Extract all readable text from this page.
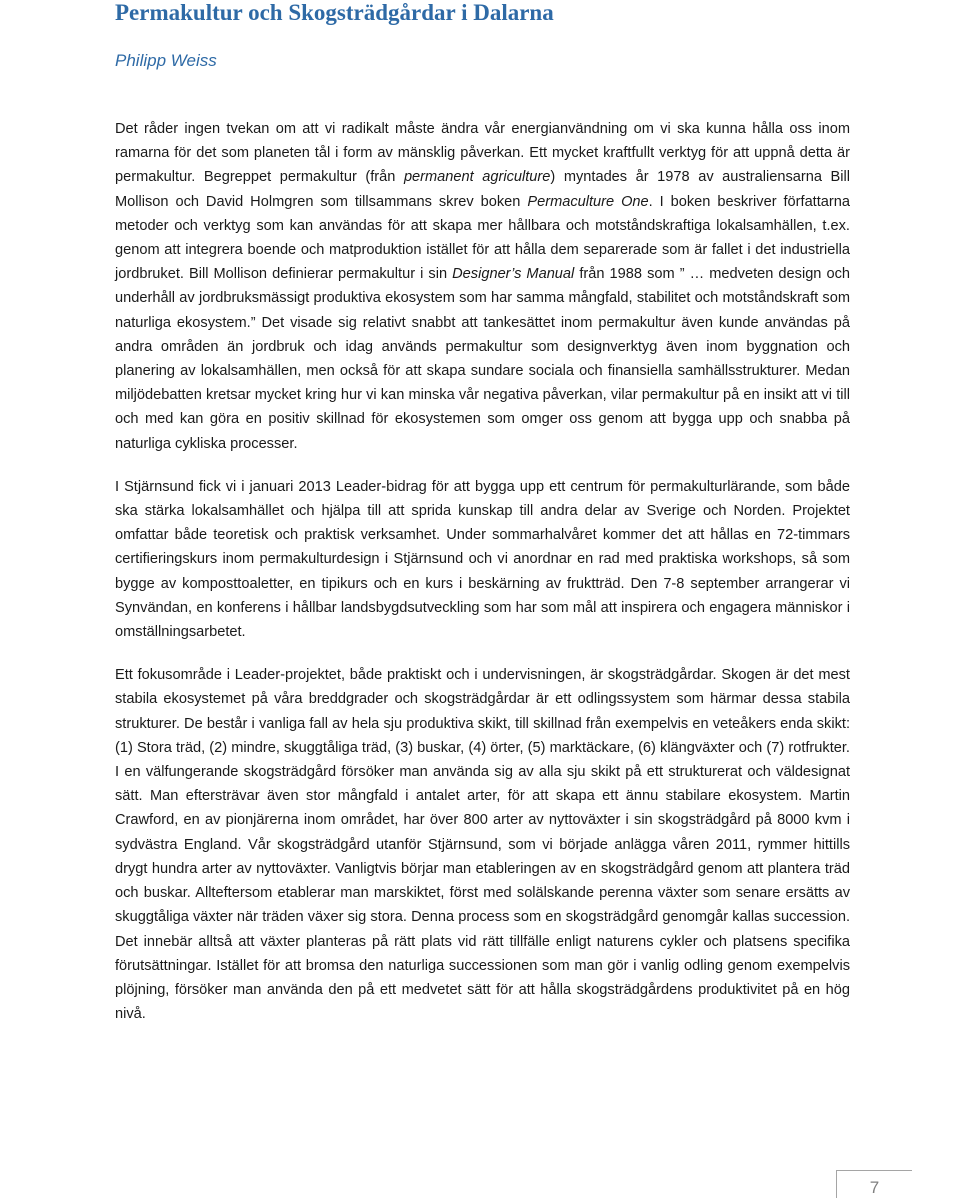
Permakultur och Skogsträdgårdar i Dalarna
Philipp Weiss

Det råder ingen tvekan om att vi radikalt måste ändra vår energianvändning om vi ska kunna hålla oss inom ramarna för det som planeten tål i form av mänsklig påverkan. Ett mycket kraftfullt verktyg för att uppnå detta är permakultur. Begreppet permakultur (från permanent agriculture) myntades år 1978 av australiensarna Bill Mollison och David Holmgren som tillsammans skrev boken Permaculture One. I boken beskriver författarna metoder och verktyg som kan användas för att skapa mer hållbara och motståndskraftiga lokalsamhällen, t.ex. genom att integrera boende och matproduktion istället för att hålla dem separerade som är fallet i det industriella jordbruket. Bill Mollison definierar permakultur i sin Designer’s Manual från 1988 som ” … medveten design och underhåll av jordbruksmässigt produktiva ekosystem som har samma mångfald, stabilitet och motståndskraft som naturliga ekosystem.” Det visade sig relativt snabbt att tankesättet inom permakultur även kunde användas på andra områden än jordbruk och idag används permakultur som designverktyg även inom byggnation och planering av lokalsamhällen, men också för att skapa sundare sociala och finansiella samhällsstrukturer. Medan miljödebatten kretsar mycket kring hur vi kan minska vår negativa påverkan, vilar permakultur på en insikt att vi till och med kan göra en positiv skillnad för ekosystemen som omger oss genom att bygga upp och snabba på naturliga cykliska processer.

I Stjärnsund fick vi i januari 2013 Leader-bidrag för att bygga upp ett centrum för permakulturlärande, som både ska stärka lokalsamhället och hjälpa till att sprida kunskap till andra delar av Sverige och Norden. Projektet omfattar både teoretisk och praktisk verksamhet. Under sommarhalvåret kommer det att hållas en 72-timmars certifieringskurs inom permakulturdesign i Stjärnsund och vi anordnar en rad med praktiska workshops, så som bygge av komposttoaletter, en tipikurs och en kurs i beskärning av fruktträd. Den 7-8 september arrangerar vi Synvändan, en konferens i hållbar landsbygdsutveckling som har som mål att inspirera och engagera människor i omställningsarbetet.

Ett fokusområde i Leader-projektet, både praktiskt och i undervisningen, är skogsträdgårdar. Skogen är det mest stabila ekosystemet på våra breddgrader och skogsträdgårdar är ett odlingssystem som härmar dessa stabila strukturer. De består i vanliga fall av hela sju produktiva skikt, till skillnad från exempelvis en veteåkers enda skikt: (1) Stora träd, (2) mindre, skuggtåliga träd, (3) buskar, (4) örter, (5) marktäckare, (6) klängväxter och (7) rotfrukter. I en välfungerande skogsträdgård försöker man använda sig av alla sju skikt på ett strukturerat och väldesignat sätt. Man eftersträvar även stor mångfald i antalet arter, för att skapa ett ännu stabilare ekosystem. Martin Crawford, en av pionjärerna inom området, har över 800 arter av nyttoväxter i sin skogsträdgård på 8000 kvm i sydvästra England. Vår skogsträdgård utanför Stjärnsund, som vi började anlägga våren 2011, rymmer hittills drygt hundra arter av nyttoväxter. Vanligtvis börjar man etableringen av en skogsträdgård genom att plantera träd och buskar. Allteftersom etablerar man marskiktet, först med solälskande perenna växter som senare ersätts av skuggtåliga växter när träden växer sig stora. Denna process som en skogsträdgård genomgår kallas succession. Det innebär alltså att växter planteras på rätt plats vid rätt tillfälle enligt naturens cykler och platsens specifika förutsättningar. Istället för att bromsa den naturliga successionen som man gör i vanlig odling genom exempelvis plöjning, försöker man använda den på ett medvetet sätt för att hålla skogsträdgårdens produktivitet på en hög nivå.

7
